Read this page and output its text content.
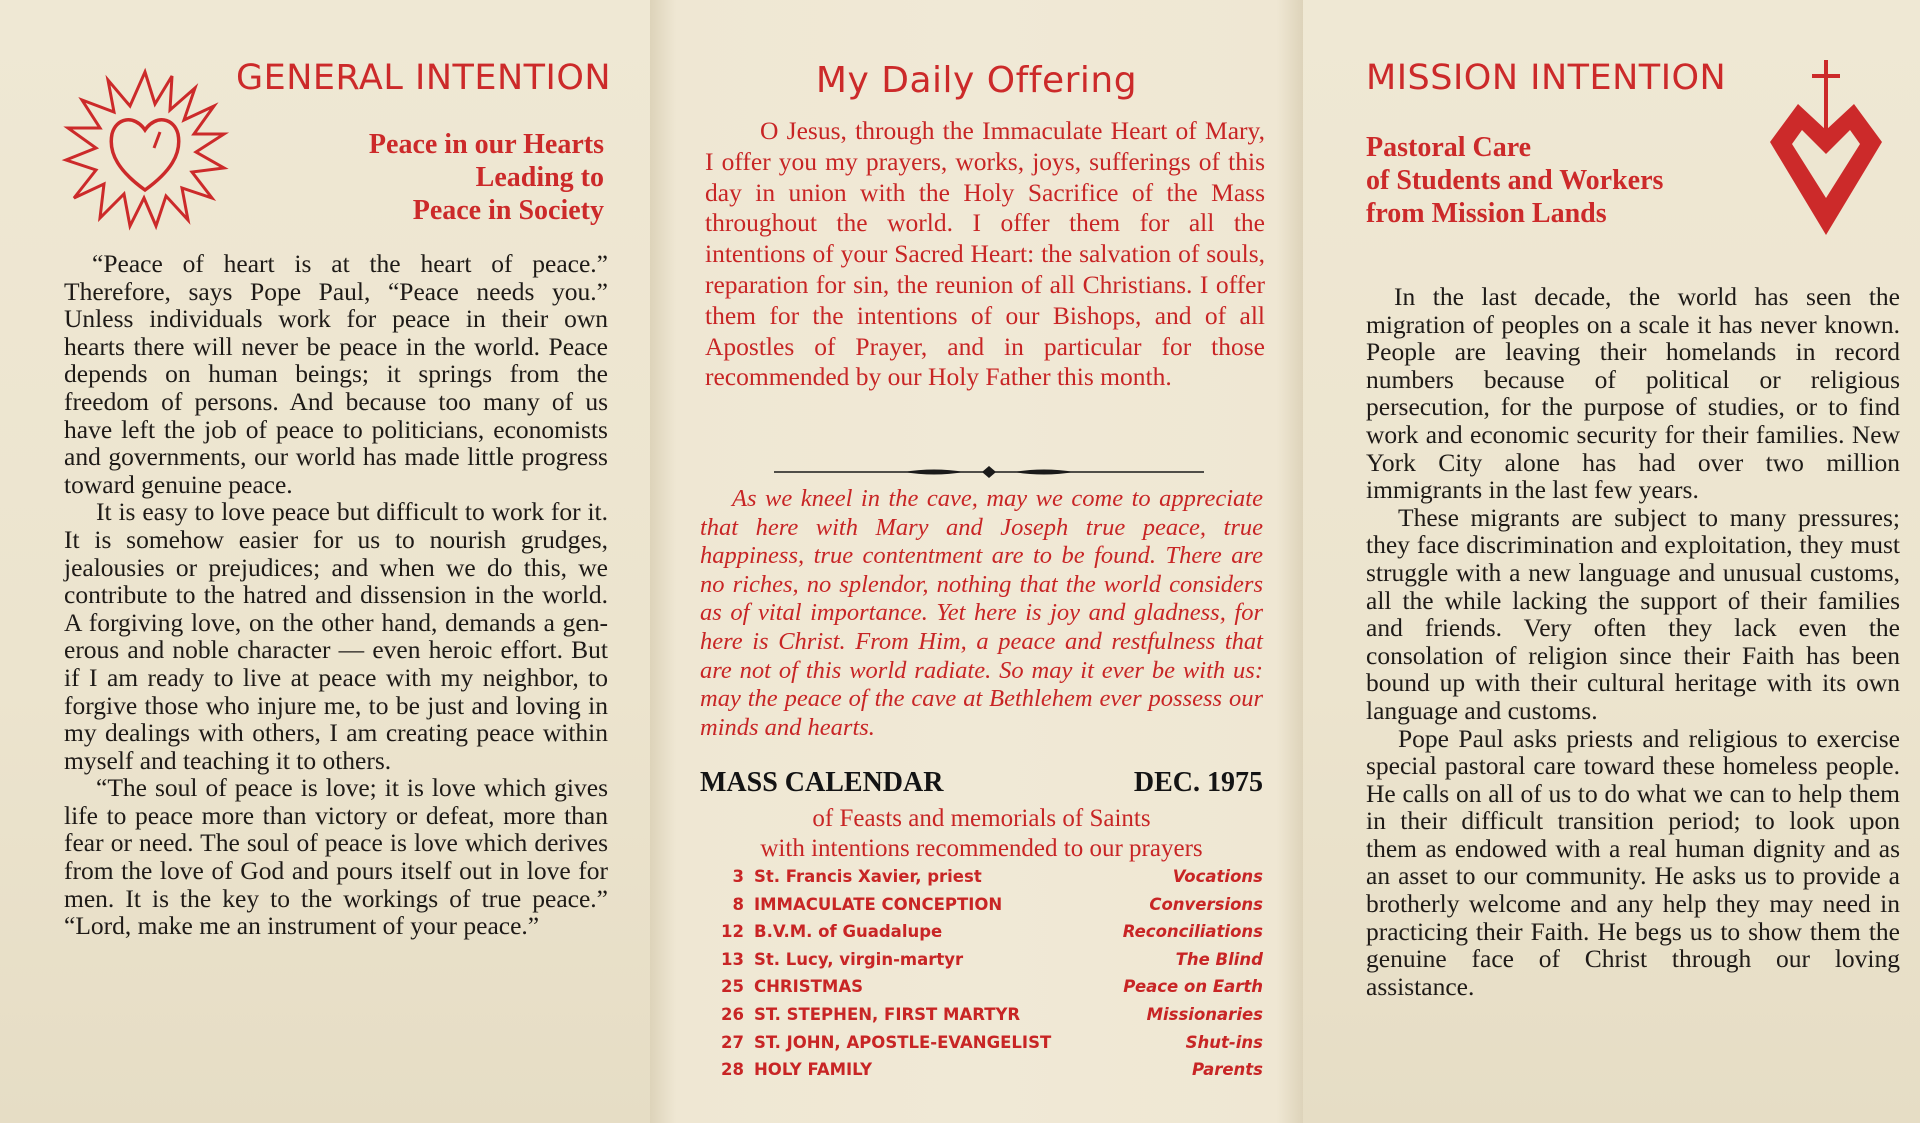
GENERAL INTENTION
Peace in our Hearts
Leading to
Peace in Society

“Peace of heart is at the heart of peace.” Therefore, says Pope Paul, “Peace needs you.” Unless individuals work for peace in their own hearts there will never be peace in the world. Peace depends on human beings; it springs from the freedom of persons. And because too many of us have left the job of peace to politicians, economists and governments, our world has made little progress toward genuine peace.

It is easy to love peace but difficult to work for it. It is somehow easier for us to nourish grudges, jealousies or prejudices; and when we do this, we contribute to the hatred and dissension in the world. A forgiving love, on the other hand, demands a generous and noble character — even heroic effort. But if I am ready to live at peace with my neighbor, to forgive those who injure me, to be just and loving in my dealings with others, I am creating peace within myself and teaching it to others.

“The soul of peace is love; it is love which gives life to peace more than victory or defeat, more than fear or need. The soul of peace is love which derives from the love of God and pours itself out in love for men. It is the key to the workings of true peace.” “Lord, make me an instrument of your peace.”

My Daily Offering

O Jesus, through the Immaculate Heart of Mary, I offer you my prayers, works, joys, sufferings of this day in union with the Holy Sacrifice of the Mass throughout the world. I offer them for all the intentions of your Sacred Heart: the salvation of souls, reparation for sin, the reunion of all Christians. I offer them for the intentions of our Bishops, and of all Apostles of Prayer, and in particular for those recommended by our Holy Father this month.

As we kneel in the cave, may we come to appreciate that here with Mary and Joseph true peace, true happiness, true contentment are to be found. There are no riches, no splendor, nothing that the world considers as of vital importance. Yet here is joy and gladness, for here is Christ. From Him, a peace and restfulness that are not of this world radiate. So may it ever be with us: may the peace of the cave at Bethlehem ever possess our minds and hearts.

MASS CALENDAR	DEC. 1975
of Feasts and memorials of Saints
with intentions recommended to our prayers
3 St. Francis Xavier, priest	Vocations
8 IMMACULATE CONCEPTION	Conversions
12 B.V.M. of Guadalupe	Reconciliations
13 St. Lucy, virgin-martyr	The Blind
25 CHRISTMAS	Peace on Earth
26 ST. STEPHEN, FIRST MARTYR	Missionaries
27 ST. JOHN, APOSTLE-EVANGELIST	Shut-ins
28 HOLY FAMILY	Parents
MISSION INTENTION
Pastoral Care
of Students and Workers
from Mission Lands

In the last decade, the world has seen the migration of peoples on a scale it has never known. People are leaving their homelands in record numbers because of political or religious persecution, for the purpose of studies, or to find work and economic security for their families. New York City alone has had over two million immigrants in the last few years.

These migrants are subject to many pressures; they face discrimination and exploitation, they must struggle with a new language and unusual customs, all the while lacking the support of their families and friends. Very often they lack even the consolation of religion since their Faith has been bound up with their cultural heritage with its own language and customs.

Pope Paul asks priests and religious to exercise special pastoral care toward these homeless people. He calls on all of us to do what we can to help them in their difficult transition period; to look upon them as endowed with a real human dignity and as an asset to our community. He asks us to provide a brotherly welcome and any help they may need in practicing their Faith. He begs us to show them the genuine face of Christ through our loving assistance.
